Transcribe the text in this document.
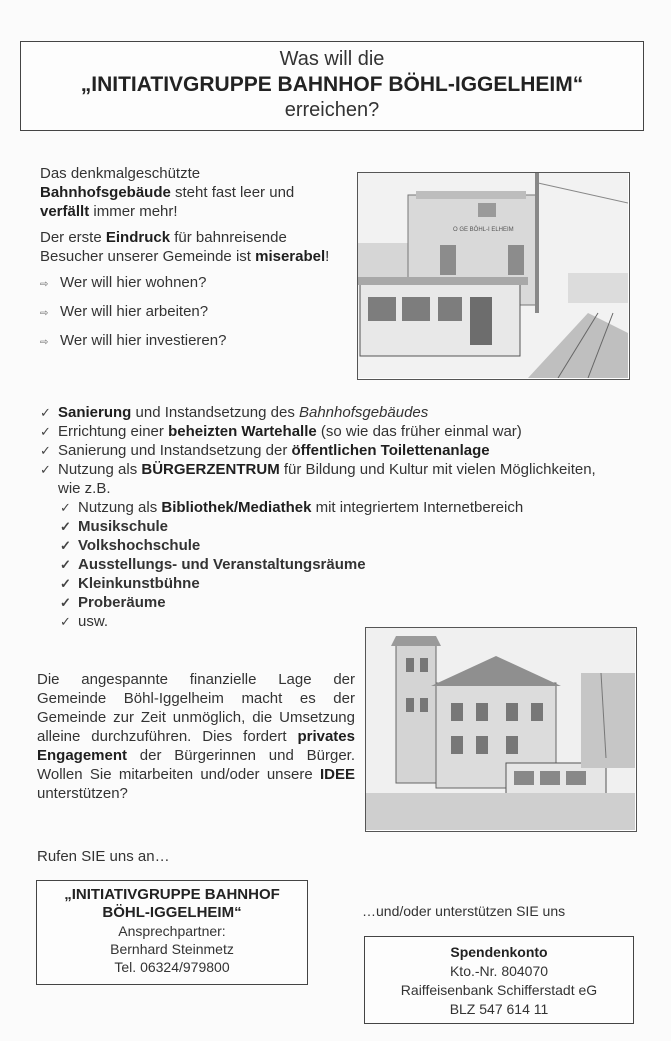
Was will die
„INITIATIVGRUPPE BAHNHOF BÖHL-IGGELHEIM“
erreichen?

Das denkmalgeschützte
Bahnhofsgebäude steht fast leer und
verfällt immer mehr!

Der erste Eindruck für bahnreisende Besucher unserer Gemeinde ist miserabel!

⇨ Wer will hier wohnen?
⇨ Wer will hier arbeiten?
⇨ Wer will hier investieren?
O GE BÖHL-I ELHEIM
✓ Sanierung und Instandsetzung des Bahnhofsgebäudes
✓ Errichtung einer beheizten Wartehalle (so wie das früher einmal war)
✓ Sanierung und Instandsetzung der öffentlichen Toilettenanlage
✓ Nutzung als BÜRGERZENTRUM für Bildung und Kultur mit vielen Möglichkeiten, wie z.B.
✓ Nutzung als Bibliothek/Mediathek mit integriertem Internetbereich
✓ Musikschule
✓ Volkshochschule
✓ Ausstellungs- und Veranstaltungsräume
✓ Kleinkunstbühne
✓ Proberäume
✓ usw.
Die angespannte finanzielle Lage der Gemeinde Böhl-Iggelheim macht es der Gemeinde zur Zeit unmöglich, die Umsetzung alleine durchzuführen. Dies fordert privates Engagement der Bürgerinnen und Bürger. Wollen Sie mitarbeiten und/oder unsere IDEE unterstützen?
Rufen SIE uns an…
„INITIATIVGRUPPE BAHNHOF
BÖHL-IGGELHEIM“
Ansprechpartner:
Bernhard Steinmetz
Tel. 06324/979800
…und/oder unterstützen SIE uns
Spendenkonto
Kto.-Nr. 804070
Raiffeisenbank Schifferstadt eG
BLZ 547 614 11
